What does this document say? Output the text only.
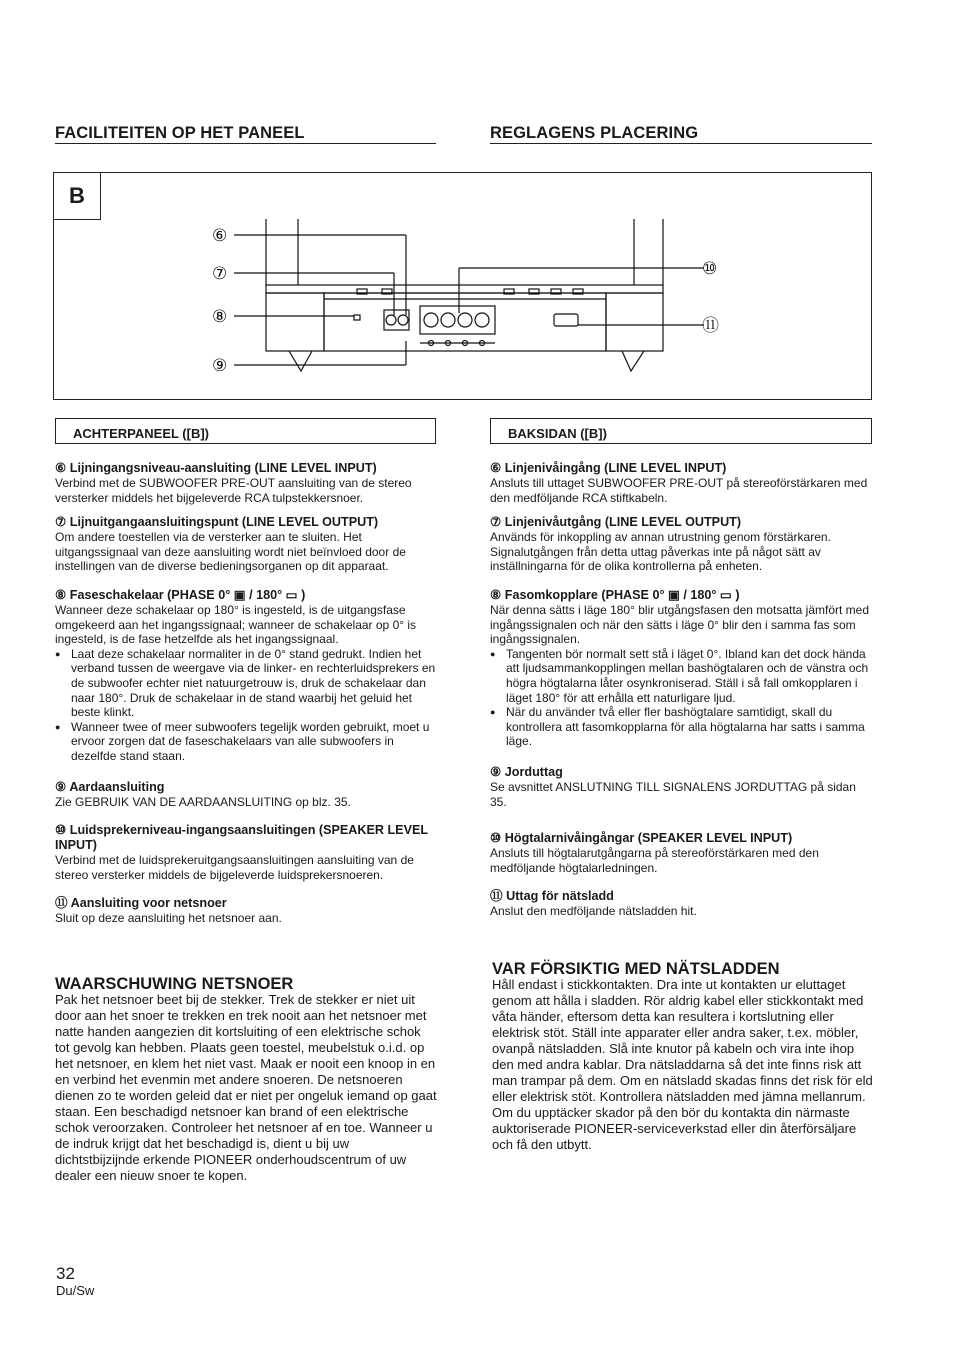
FACILITEITEN OP HET PANEEL	REGLAGENS PLACERING
B
⑥
⑦
⑧
⑨
⑩
⑪
ACHTERPANEEL ([B])	BAKSIDAN ([B])

⑥ Lijningangsniveau-aansluiting (LINE LEVEL INPUT)

Verbind met de SUBWOOFER PRE-OUT aansluiting van de stereo versterker middels het bijgeleverde RCA tulpstekkersnoer.

⑦ Lijnuitgangaansluitingspunt (LINE LEVEL OUTPUT)

Om andere toestellen via de versterker aan te sluiten. Het uitgangssignaal van deze aansluiting wordt niet beïnvloed door de instellingen van de diverse bedieningsorganen op dit apparaat.

⑧ Faseschakelaar (PHASE 0° ▣ / 180° ▭ )

Wanneer deze schakelaar op 180° is ingesteld, is de uitgangsfase omgekeerd aan het ingangssignaal; wanneer de schakelaar op 0° is ingesteld, is de fase hetzelfde als het ingangssignaal.

● Laat deze schakelaar normaliter in de 0° stand gedrukt. Indien het verband tussen de weergave via de linker- en rechterluidsprekers en de subwoofer echter niet natuurgetrouw is, druk de schakelaar dan naar 180°. Druk de schakelaar in de stand waarbij het geluid het beste klinkt.
● Wanneer twee of meer subwoofers tegelijk worden gebruikt, moet u ervoor zorgen dat de faseschakelaars van alle subwoofers in dezelfde stand staan.

⑨ Aardaansluiting

Zie GEBRUIK VAN DE AARDAANSLUITING op blz. 35.

⑩ Luidsprekerniveau-ingangsaansluitingen (SPEAKER LEVEL INPUT)

Verbind met de luidsprekeruitgangsaansluitingen aansluiting van de stereo versterker middels de bijgeleverde luidsprekersnoeren.

⑪ Aansluiting voor netsnoer

Sluit op deze aansluiting het netsnoer aan.

⑥ Linjenivåingång (LINE LEVEL INPUT)

Ansluts till uttaget SUBWOOFER PRE-OUT på stereoförstärkaren med den medföljande RCA stiftkabeln.

⑦ Linjenivåutgång (LINE LEVEL OUTPUT)

Används för inkoppling av annan utrustning genom förstärkaren. Signalutgången från detta uttag påverkas inte på något sätt av inställningarna för de olika kontrollerna på enheten.

⑧ Fasomkopplare (PHASE 0° ▣ / 180° ▭ )

När denna sätts i läge 180° blir utgångsfasen den motsatta jämfört med ingångssignalen och när den sätts i läge 0° blir den i samma fas som ingångssignalen.

● Tangenten bör normalt sett stå i läget 0°. Ibland kan det dock hända att ljudsammankopplingen mellan bashögtalaren och de vänstra och högra högtalarna låter osynkroniserad. Ställ i så fall omkopplaren i läget 180° för att erhålla ett naturligare ljud.
● När du använder två eller fler bashögtalare samtidigt, skall du kontrollera att fasomkopplarna för alla högtalarna har satts i samma läge.

⑨ Jorduttag

Se avsnittet ANSLUTNING TILL SIGNALENS JORDUTTAG på sidan 35.

⑩ Högtalarnivåingångar (SPEAKER LEVEL INPUT)

Ansluts till högtalarutgångarna på stereoförstärkaren med den medföljande högtalarledningen.

⑪ Uttag för nätsladd

Anslut den medföljande nätsladden hit.

WAARSCHUWING NETSNOER

Pak het netsnoer beet bij de stekker. Trek de stekker er niet uit door aan het snoer te trekken en trek nooit aan het netsnoer met natte handen aangezien dit kortsluiting of een elektrische schok tot gevolg kan hebben. Plaats geen toestel, meubelstuk o.i.d. op het netsnoer, en klem het niet vast. Maak er nooit een knoop in en en verbind het evenmin met andere snoeren. De netsnoeren dienen zo te worden geleid dat er niet per ongeluk iemand op gaat staan. Een beschadigd netsnoer kan brand of een elektrische schok veroorzaken. Controleer het netsnoer af en toe. Wanneer u de indruk krijgt dat het beschadigd is, dient u bij uw dichtstbijzijnde erkende PIONEER onderhoudscentrum of uw dealer een nieuw snoer te kopen.

VAR FÖRSIKTIG MED NÄTSLADDEN

Håll endast i stickkontakten. Dra inte ut kontakten ur eluttaget genom att hålla i sladden. Rör aldrig kabel eller stickkontakt med våta händer, eftersom detta kan resultera i kortslutning eller elektrisk stöt. Ställ inte apparater eller andra saker, t.ex. möbler, ovanpå nätsladden. Slå inte knutor på kabeln och vira inte ihop den med andra kablar. Dra nätsladdarna så det inte finns risk att man trampar på dem. Om en nätsladd skadas finns det risk för eld eller elektrisk stöt. Kontrollera nätsladden med jämna mellanrum. Om du upptäcker skador på den bör du kontakta din närmaste auktoriserade PIONEER-serviceverkstad eller din återförsäljare och få den utbytt.

32
Du/Sw
